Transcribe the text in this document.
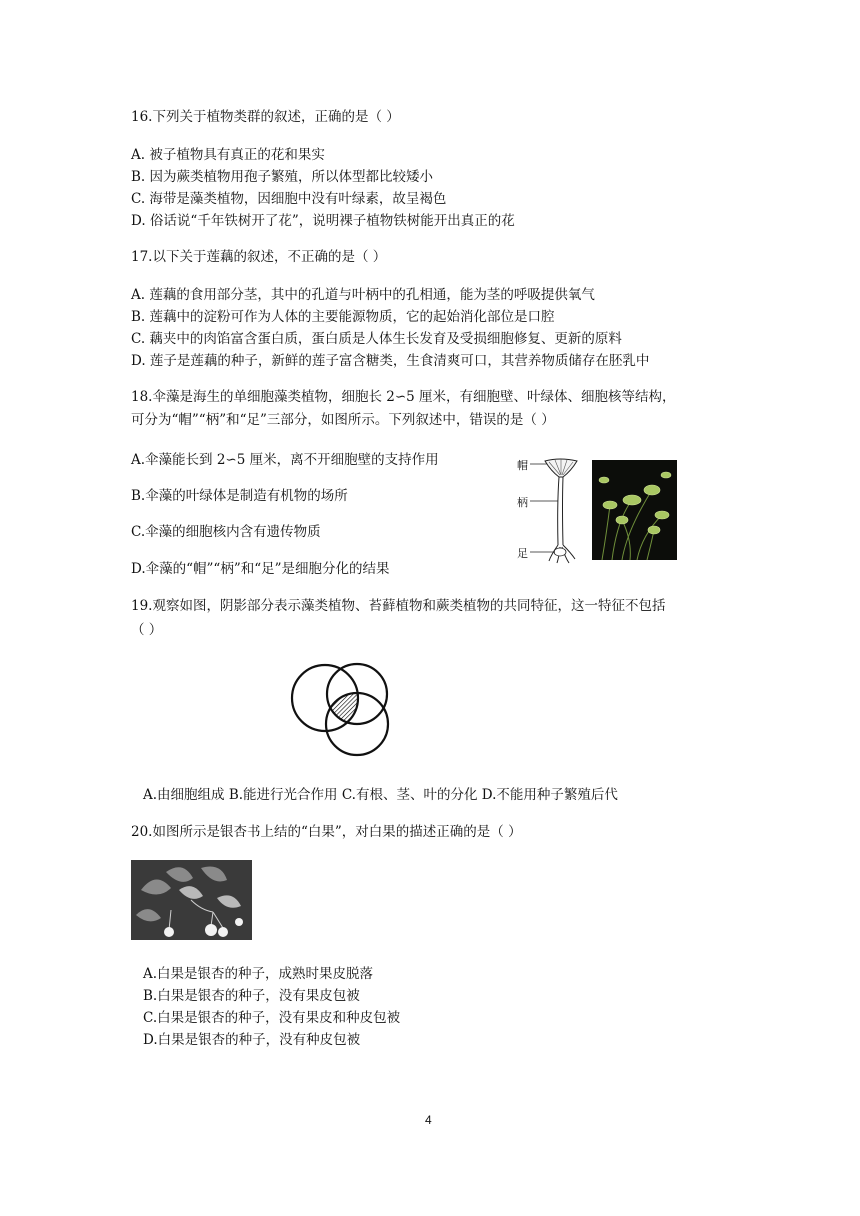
16.下列关于植物类群的叙述，正确的是（ ）
A. 被子植物具有真正的花和果实
B. 因为蕨类植物用孢子繁殖，所以体型都比较矮小
C. 海带是藻类植物，因细胞中没有叶绿素，故呈褐色
D. 俗话说“千年铁树开了花”，说明裸子植物铁树能开出真正的花
17.以下关于莲藕的叙述，不正确的是（ ）
A. 莲藕的食用部分茎，其中的孔道与叶柄中的孔相通，能为茎的呼吸提供氧气
B. 莲藕中的淀粉可作为人体的主要能源物质，它的起始消化部位是口腔
C. 藕夹中的肉馅富含蛋白质，蛋白质是人体生长发育及受损细胞修复、更新的原料
D. 莲子是莲藕的种子，新鲜的莲子富含糖类，生食清爽可口，其营养物质储存在胚乳中
18.伞藻是海生的单细胞藻类植物，细胞长 2∽5 厘米，有细胞壁、叶绿体、细胞核等结构，
可分为“帽”“柄”和“足”三部分，如图所示。下列叙述中，错误的是（ ）
A.伞藻能长到 2∽5 厘米，离不开细胞壁的支持作用
B.伞藻的叶绿体是制造有机物的场所
C.伞藻的细胞核内含有遗传物质
D.伞藻的“帽”“柄”和“足”是细胞分化的结果
帽
柄
足
19.观察如图，阴影部分表示藻类植物、苔藓植物和蕨类植物的共同特征，这一特征不包括
（ ）
A.由细胞组成 B.能进行光合作用 C.有根、茎、叶的分化 D.不能用种子繁殖后代
20.如图所示是银杏书上结的“白果”，对白果的描述正确的是（ ）
A.白果是银杏的种子，成熟时果皮脱落
B.白果是银杏的种子，没有果皮包被
C.白果是银杏的种子，没有果皮和种皮包被
D.白果是银杏的种子，没有种皮包被
4
